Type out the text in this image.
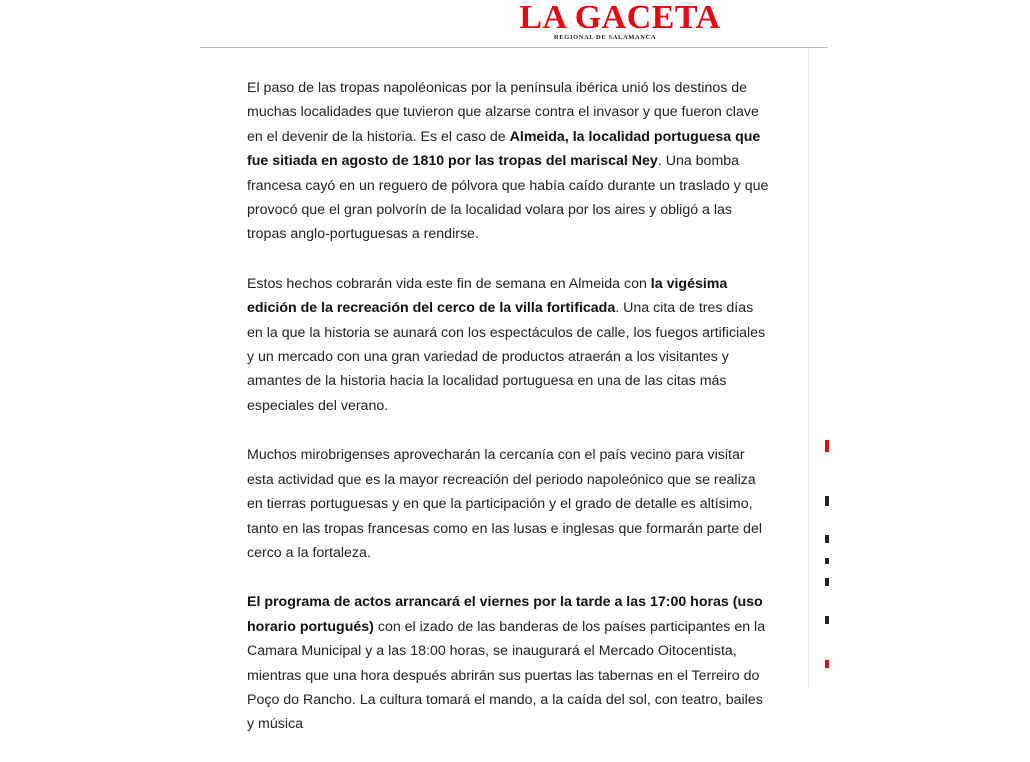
LA GACETA
REGIONAL DE SALAMANCA

El paso de las tropas napoléonicas por la península ibérica unió los destinos de muchas localidades que tuvieron que alzarse contra el invasor y que fueron clave en el devenir de la historia. Es el caso de Almeida, la localidad portuguesa que fue sitiada en agosto de 1810 por las tropas del mariscal Ney. Una bomba francesa cayó en un reguero de pólvora que había caído durante un traslado y que provocó que el gran polvorín de la localidad volara por los aires y obligó a las tropas anglo-portuguesas a rendirse.

Estos hechos cobrarán vida este fin de semana en Almeida con la vigésima edición de la recreación del cerco de la villa fortificada. Una cita de tres días en la que la historia se aunará con los espectáculos de calle, los fuegos artificiales y un mercado con una gran variedad de productos atraerán a los visitantes y amantes de la historia hacia la localidad portuguesa en una de las citas más especiales del verano.

Muchos mirobrigenses aprovecharán la cercanía con el país vecino para visitar esta actividad que es la mayor recreación del periodo napoleónico que se realiza en tierras portuguesas y en que la participación y el grado de detalle es altísimo, tanto en las tropas francesas como en las lusas e inglesas que formarán parte del cerco a la fortaleza.

El programa de actos arrancará el viernes por la tarde a las 17:00 horas (uso horario portugués) con el izado de las banderas de los países participantes en la Camara Municipal y a las 18:00 horas, se inaugurará el Mercado Oitocentista, mientras que una hora después abrirán sus puertas las tabernas en el Terreiro do Poço do Rancho. La cultura tomará el mando, a la caída del sol, con teatro, bailes y música
